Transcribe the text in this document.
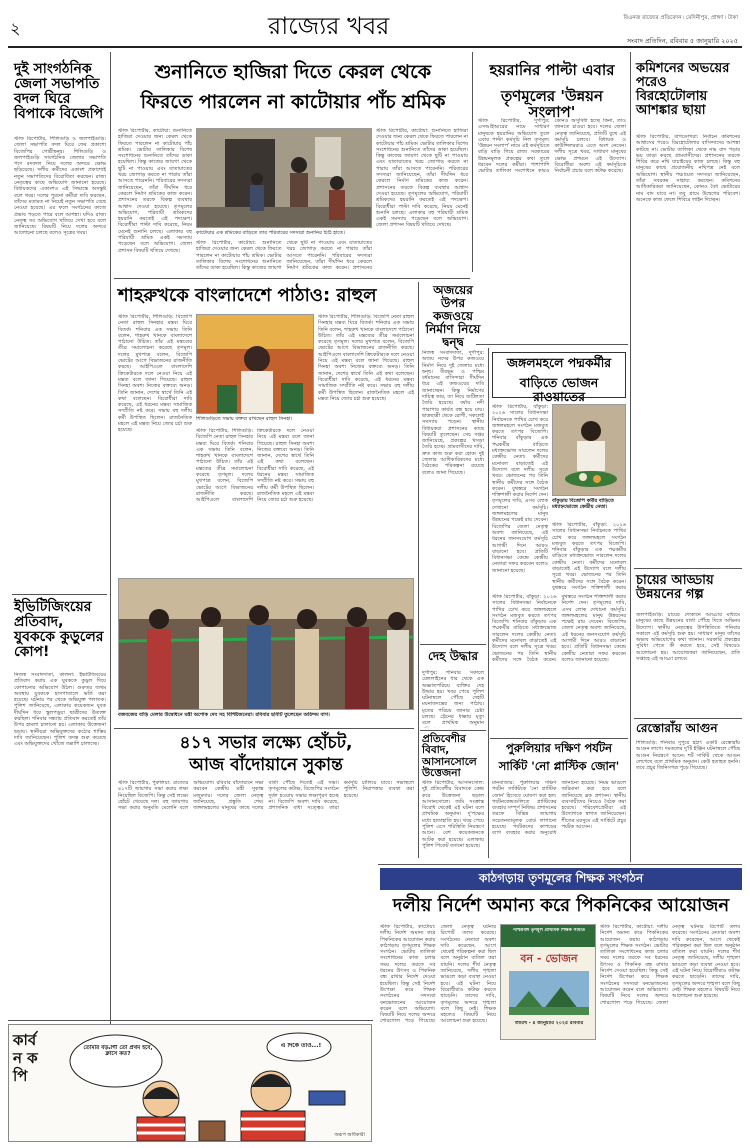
২	রাজ্যের খবর	বিএনজ রাজ্যের প্রতিবেদন ৷ মেদিনীপুর, প্রাঙ্গণ ৷ টাকা
সংবাদ প্রতিদিন, রবিবার ৫ জানুয়ারি ২০২৫
দুই সাংগঠনিক জেলা সভাপতি বদল ঘিরে বিপাকে বিজেপি
স্টাফ রিপোর্টার, শিলিগুড়ি ও জলপাইগুড়ি: জেলা সভাপতি বদল ঘিরে ফের প্রকাশ্যে বিজেপির গোষ্ঠীদ্বন্দ্ব। শিলিগুড়ি ও জলপাইগুড়ি সাংগঠনিক জেলার সভাপতি পদে রদবদল নিয়ে দলের অন্দরে ক্ষোভ ছড়িয়েছে। দলীয় কর্মীদের একাংশ প্রকাশ্যেই নতুন সভাপতিদের বিরোধিতা করছেন। রাজ্য নেতৃত্বের কাছে অভিযোগ জানানো হয়েছে। বিধায়কদের একাংশও এই সিদ্ধান্তে অসন্তুষ্ট বলে খবর। দলের পুরনো কর্মীরা দাবি করছেন, তাঁদের মতামত না নিয়েই নতুন সভাপতি বেছে নেওয়া হয়েছে। এর ফলে সংগঠনের কাজে প্রভাব পড়তে পারে বলে আশঙ্কা। যদিও রাজ্য নেতৃত্ব সব অভিযোগ খতিয়ে দেখা হবে বলে জানিয়েছে। বিষয়টি নিয়ে দলের অন্দরে আলোচনা চলছে বলেও সূত্রের খবর।
ইভিটিজিংয়ের প্রতিবাদ, যুবককে কুড়ুলের কোপ!
নিজস্ব সংবাদদাতা, কালনা: ইভটিজিংয়ের প্রতিবাদ করায় এক যুবককে কুড়ুল দিয়ে কোপানোর অভিযোগ উঠল। গুরুতর জখম অবস্থায় যুবককে হাসপাতালে ভর্তি করা হয়েছে। ঘটনার পর থেকে অভিযুক্ত পলাতক। পুলিশ জানিয়েছে, এলাকার কয়েকজন যুবক দীর্ঘদিন ধরে স্কুলপড়ুয়া ছাত্রীদের উত্যক্ত করছিল। শনিবার সন্ধ্যায় প্রতিবাদ করতেই তাঁর উপর হামলা চালানো হয়। এলাকায় উত্তেজনা ছড়ায়। স্থানীয়রা অভিযুক্তদের কঠোর শাস্তির দাবি জানিয়েছেন। পুলিশ তদন্ত শুরু করেছে এবং অভিযুক্তদের খোঁজে তল্লাশি চালাচ্ছে।
শুনানিতে হাজিরা দিতে কেরল থেকে
ফিরতে পারলেন না কাটোয়ার পাঁচ শ্রমিক
স্টাফ রিপোর্টার, কাটোয়া: শুনানিতে হাজিরা দেওয়ার জন্য কেরল থেকে ফিরতে পারলেন না কাটোয়ার পাঁচ শ্রমিক। ভোটার তালিকার বিশেষ সংশোধনের শুনানিতে তাঁদের ডাকা হয়েছিল। কিন্তু কাজের জায়গা থেকে ছুটি না পাওয়ায় এবং যাতায়াতের খরচ জোগাড় করতে না পারায় তাঁরা আসতে পারেননি। পরিবারের সদস্যরা জানিয়েছেন, তাঁরা দীর্ঘদিন ধরে কেরলে নির্মাণ শ্রমিকের কাজ করেন। প্রশাসনের তরফে বিকল্প ব্যবস্থার আশ্বাস দেওয়া হয়েছে। তৃণমূলের অভিযোগ, পরিযায়ী শ্রমিকদের হয়রানি করতেই এই পদক্ষেপ। বিরোধীরা পাল্টা দাবি করেছে, নিয়ম মেনেই শুনানি চলছে। এলাকার বহু পরিযায়ী শ্রমিক একই সমস্যায় পড়েছেন বলে অভিযোগ। জেলা প্রশাসন বিষয়টি খতিয়ে দেখছে।
স্টাফ রিপোর্টার, কাটোয়া: শুনানিতে হাজিরা দেওয়ার জন্য কেরল থেকে ফিরতে পারলেন না কাটোয়ার পাঁচ শ্রমিক। ভোটার তালিকার বিশেষ সংশোধনের শুনানিতে তাঁদের ডাকা হয়েছিল। কিন্তু কাজের জায়গা থেকে ছুটি না পাওয়ায় এবং যাতায়াতের খরচ জোগাড় করতে না পারায় তাঁরা আসতে পারেননি। পরিবারের সদস্যরা জানিয়েছেন, তাঁরা দীর্ঘদিন ধরে কেরলে নির্মাণ শ্রমিকের কাজ করেন। প্রশাসনের তরফে বিকল্প ব্যবস্থার আশ্বাস দেওয়া হয়েছে। তৃণমূলের অভিযোগ, পরিযায়ী শ্রমিকদের হয়রানি করতেই এই পদক্ষেপ। বিরোধীরা পাল্টা দাবি করেছে, নিয়ম মেনেই শুনানি চলছে। এলাকার বহু পরিযায়ী শ্রমিক একই সমস্যায় পড়েছেন বলে অভিযোগ। জেলা প্রশাসন বিষয়টি খতিয়ে দেখছে।
কাটোয়ার এক শ্রমিকের বাড়িতে তার পরিবারের সদস্যরা শুনানির চিঠি হাতে।
স্টাফ রিপোর্টার, কাটোয়া: শুনানিতে হাজিরা দেওয়ার জন্য কেরল থেকে ফিরতে পারলেন না কাটোয়ার পাঁচ শ্রমিক। ভোটার তালিকার বিশেষ সংশোধনের শুনানিতে তাঁদের ডাকা হয়েছিল। কিন্তু কাজের জায়গা থেকে ছুটি না পাওয়ায় এবং যাতায়াতের খরচ জোগাড় করতে না পারায় তাঁরা আসতে পারেননি। পরিবারের সদস্যরা জানিয়েছেন, তাঁরা দীর্ঘদিন ধরে কেরলে নির্মাণ শ্রমিকের কাজ করেন। প্রশাসনের
হয়রানির পাল্টা এবার
তৃণমূলের 'উন্নয়ন সংলাপ'
স্টাফ রিপোর্টার, দুর্গাপুর: এসআইআরের নামে সাধারণ মানুষকে হয়রানির অভিযোগ তুলে এবার পাল্টা কর্মসূচি নিল তৃণমূল। 'উন্নয়ন সংলাপ' নামে এই কর্মসূচিতে বাড়ি বাড়ি গিয়ে রাজ্য সরকারের উন্নয়নমূলক প্রকল্পের কথা তুলে ধরবেন দলের কর্মীরা। পাশাপাশি ভোটার তালিকা সংশোধনে কারও কোনও অসুবিধা হচ্ছে কিনা, তাও জানতে চাওয়া হবে। দলের জেলা নেতৃত্ব জানিয়েছে, প্রতিটি বুথে এই কর্মসূচি চলবে। বিধায়ক ও কাউন্সিলররাও এতে অংশ নেবেন। দলীয় সূত্রে খবর, সাধারণ মানুষের ক্ষোভ প্রশমনে এই উদ্যোগ। বিরোধীরা অবশ্য এই কর্মসূচিকে নির্বাচনী প্রচার বলে কটাক্ষ করেছে।
কমিশনের অভয়ের পরেও বিরহোটোলায় আশঙ্কার ছায়া
স্টাফ রিপোর্টার, বাগডোগরা: নির্বাচন কমিশনের আশ্বাসের পরেও বিরহোটোলার বাসিন্দাদের আশঙ্কা কাটছে না। ভোটার তালিকা থেকে নাম বাদ পড়ার ভয় তাড়া করছে গ্রামবাসীদের। প্রশাসনের তরফে শিবির করে নথি যাচাইয়ের কাজ চলছে। কিন্তু বহু মানুষের কাছে প্রয়োজনীয় নথিপত্র নেই বলে অভিযোগ। স্থানীয় পঞ্চায়েত সদস্যরা জানিয়েছেন, তাঁরা সবরকম সাহায্য করছেন। কমিশনের আধিকারিকরা জানিয়েছেন, কোনও বৈধ ভোটারের নাম বাদ যাবে না। তবু গ্রামে উদ্বেগের পরিবেশ। অনেকে কাজ ফেলে শিবিরে লাইন দিচ্ছেন।
চায়ের আড্ডায় উন্নয়নের গল্প
জলপাইগুড়ি: চায়ের দোকানে আড্ডার মাধ্যমে মানুষের কাছে উন্নয়নের বার্তা পৌঁছে দিতে অভিনব উদ্যোগ। স্থানীয় নেতৃত্বের উপস্থিতিতে শনিবার সকালে এই কর্মসূচি শুরু হয়। সাধারণ মানুষ তাঁদের অভাব অভিযোগের কথা জানান। সরকারি প্রকল্পের সুবিধা পেতে কী করতে হবে, সেই বিষয়েও আলোচনা হয়। আয়োজকরা জানিয়েছেন, প্রতি সপ্তাহে এই আড্ডা চলবে।
রেস্তোরাঁয় আগুন
শিলিগুড়ি: শনিবার দুপুরে হঠাৎ একটি রেস্তোরাঁয় আগুন লাগে। দমকলের দু'টি ইঞ্জিন ঘটনাস্থলে পৌঁছে আগুন নিয়ন্ত্রণে আনে। শর্ট সার্কিট থেকে আগুন লেগেছে বলে প্রাথমিক অনুমান। কেউ হতাহত হননি। তবে প্রচুর জিনিসপত্র পুড়ে গিয়েছে।
শাহরুখকে বাংলাদেশে পাঠাও: রাহুল
স্টাফ রিপোর্টার, শিলিগুড়ি: বিজেপি নেতা রাহুল সিনহার মন্তব্য ঘিরে বিতর্ক। শনিবার এক সভায় তিনি বলেন, শাহরুখ খানকে বাংলাদেশে পাঠানো উচিত। তাঁর এই মন্তব্যের তীব্র সমালোচনা করেছে তৃণমূল। দলের মুখপাত্র বলেন, বিজেপি ভোটের আগে বিভাজনের রাজনীতি করছে। আইপিএলে বাংলাদেশি ক্রিকেটারকে দলে নেওয়া নিয়ে এই মন্তব্য বলে জানা গিয়েছে। রাহুল সিনহা অবশ্য নিজের বক্তব্যে অনড়। তিনি জানান, দেশের স্বার্থে তিনি এই কথা বলেছেন। বিরোধীরা দাবি করেছে, এই ধরনের মন্তব্য সামাজিক সম্প্রীতি নষ্ট করে। সভায় বহু দলীয় কর্মী উপস্থিত ছিলেন। রাজনৈতিক মহলে এই মন্তব্য নিয়ে জোর চর্চা শুরু হয়েছে।
শিলিগুড়িতে সভায় বক্তব্য রাখছেন রাহুল সিনহা।
স্টাফ রিপোর্টার, শিলিগুড়ি: বিজেপি নেতা রাহুল সিনহার মন্তব্য ঘিরে বিতর্ক। শনিবার এক সভায় তিনি বলেন, শাহরুখ খানকে বাংলাদেশে পাঠানো উচিত। তাঁর এই মন্তব্যের তীব্র সমালোচনা করেছে তৃণমূল। দলের মুখপাত্র বলেন, বিজেপি ভোটের আগে বিভাজনের রাজনীতি করছে। আইপিএলে বাংলাদেশি ক্রিকেটারকে দলে নেওয়া নিয়ে এই মন্তব্য বলে জানা গিয়েছে। রাহুল সিনহা অবশ্য নিজের বক্তব্যে অনড়। তিনি জানান, দেশের স্বার্থে তিনি এই কথা বলেছেন। বিরোধীরা দাবি করেছে, এই ধরনের মন্তব্য সামাজিক সম্প্রীতি নষ্ট করে। সভায় বহু দলীয় কর্মী উপস্থিত ছিলেন। রাজনৈতিক মহলে এই মন্তব্য নিয়ে জোর চর্চা শুরু হয়েছে।
স্টাফ রিপোর্টার, শিলিগুড়ি: বিজেপি নেতা রাহুল সিনহার মন্তব্য ঘিরে বিতর্ক। শনিবার এক সভায় তিনি বলেন, শাহরুখ খানকে বাংলাদেশে পাঠানো উচিত। তাঁর এই মন্তব্যের তীব্র সমালোচনা করেছে তৃণমূল। দলের মুখপাত্র বলেন, বিজেপি ভোটের আগে বিভাজনের রাজনীতি করছে। আইপিএলে বাংলাদেশি ক্রিকেটারকে দলে নেওয়া নিয়ে এই মন্তব্য বলে জানা গিয়েছে। রাহুল সিনহা অবশ্য নিজের বক্তব্যে অনড়। তিনি জানান, দেশের স্বার্থে তিনি এই কথা বলেছেন। বিরোধীরা দাবি করেছে, এই ধরনের মন্তব্য সামাজিক সম্প্রীতি নষ্ট করে। সভায় বহু দলীয় কর্মী উপস্থিত ছিলেন। রাজনৈতিক মহলে এই মন্তব্য নিয়ে জোর চর্চা শুরু হয়েছে।
বজবজের বাড়ি মেলার উদ্বোধনে মন্ত্রী অশোক দেব সহ বিশিষ্টজনেরা। রবিবার ছবিটি তুলেছেন অরিন্দম বাগ।
অজয়ের উপর কজওয়ে নির্মাণ নিয়ে দ্বন্দ্ব
নিজস্ব সংবাদদাতা, দুর্গাপুর: অজয় নদের উপর কজওয়ে নির্মাণ নিয়ে দুই জেলার মধ্যে দ্বন্দ্ব। বীরভূম ও পশ্চিম বর্ধমানের বাসিন্দারা দীর্ঘদিন ধরে এই কজওয়ের দাবি জানাচ্ছেন। কিন্তু নির্মাণের দায়িত্ব কার, তা নিয়ে জটিলতা তৈরি হয়েছে। বর্ষায় নদী পারাপার কার্যত বন্ধ হয়ে যায়। ছাত্রছাত্রী থেকে রোগী, সকলেই সমস্যায় পড়েন। স্থানীয় বিধায়করা প্রশাসনের কাছে বিষয়টি তুলেছেন। সেচ দপ্তর জানিয়েছে, প্রকল্পের খসড়া তৈরি হচ্ছে। গ্রামবাসীদের দাবি, দ্রুত কাজ শুরু করা হোক। দুই জেলার আধিকারিকদের মধ্যে বৈঠকের পরিকল্পনা রয়েছে বলেও জানা গিয়েছে।
দেহ উদ্ধার
দুর্গাপুর: শনিবার সকালে রেললাইনের ধার থেকে এক অজ্ঞাতপরিচয় ব্যক্তির দেহ উদ্ধার হয়। খবর পেয়ে পুলিশ ঘটনাস্থলে পৌঁছে দেহটি ময়নাতদন্তের জন্য পাঠায়। মৃতের পরিচয় জানার চেষ্টা চলছে। ট্রেনের ধাক্কায় মৃত্যু বলে প্রাথমিক অনুমান
৪১৭ সভার লক্ষ্যে হোঁচট,
আজ বাঁদোয়ানে সুকান্ত
স্টাফ রিপোর্টার, পুরুলিয়া: রাজ্যের ৪১৭টি জায়গায় সভা করার লক্ষ্য নিয়েছিল বিজেপি। কিন্তু সেই লক্ষ্যে হোঁচট খেয়েছে দল। বহু জায়গায় সভা করার অনুমতি মেলেনি বলে অভিযোগ। রবিবার বাঁদোয়ানে সভা করবেন কেন্দ্রীয় মন্ত্রী সুকান্ত মজুমদার। দলের জেলা নেতৃত্ব জানিয়েছে, প্রস্তুতি শেষ। জঙ্গলমহলের মানুষের কাছে দলের বার্তা পৌঁছে দিতেই এই সভা। তৃণমূলের কটাক্ষ, বিজেপির সংগঠন দুর্বল হওয়ায় সভার লক্ষ্যপূরণ হচ্ছে না। বিজেপি অবশ্য দাবি করেছে, প্রশাসনিক বাধা সত্ত্বেও তারা কর্মসূচি চালিয়ে যাবে। সভাস্থলে পুলিশি নিরাপত্তার ব্যবস্থা করা হয়েছে।
প্রতিবেশীর বিবাদ, আসানসোলে উত্তেজনা
স্টাফ রিপোর্টার, আসানসোল: দুই প্রতিবেশীর বিবাদকে কেন্দ্র করে উত্তেজনা ছড়াল আসানসোলে। জমি সংক্রান্ত বিরোধ থেকেই এই ঘটনা বলে প্রাথমিক অনুমান। দু'পক্ষের মধ্যে হাতাহাতি হয়। খবর পেয়ে পুলিশ এসে পরিস্থিতি নিয়ন্ত্রণে আনে। বেশ কয়েকজনকে আটক করা হয়েছে। এলাকায় পুলিশ পিকেট বসানো হয়েছে।
জঙ্গলমহলে পদ্মকর্মীর
বাড়িতে ভোজন রাওয়াতের
স্টাফ রিপোর্টার, বাঁকুড়া: ২০২৬ সালের বিধানসভা নির্বাচনকে পাখির চোখ করে জঙ্গলমহলে সংগঠন মজবুত করতে তৎপর বিজেপি। শনিবার বাঁকুড়ার এক পদ্মকর্মীর বাড়িতে মধ্যাহ্নভোজ সারলেন দলের কেন্দ্রীয় নেতা। কর্মীদের মনোবল বাড়াতেই এই উদ্যোগ বলে দলীয় সূত্রে খবর। ভোজনের পর তিনি স্থানীয় কর্মীদের সঙ্গে বৈঠক করেন। বুথস্তরে সংগঠন শক্তিশালী করার নির্দেশ দেন। তৃণমূলের দাবি, এসব লোক দেখানো কর্মসূচি। জঙ্গলমহলের মানুষ উন্নয়নের পক্ষেই রায় দেবেন। বিজেপির জেলা নেতৃত্ব অবশ্য জানিয়েছে, এই ধরনের জনসংযোগ কর্মসূচি আগামী দিনে আরও বাড়ানো হবে। প্রতিটি বিধানসভা কেন্দ্রে কেন্দ্রীয় নেতারা সফর করবেন বলেও জানানো হয়েছে।
বাঁকুড়ায় বিজেপি কর্মীর বাড়িতে মধ্যাহ্নভোজে কেন্দ্রীয় নেতা।
স্টাফ রিপোর্টার, বাঁকুড়া: ২০২৬ সালের বিধানসভা নির্বাচনকে পাখির চোখ করে জঙ্গলমহলে সংগঠন মজবুত করতে তৎপর বিজেপি। শনিবার বাঁকুড়ার এক পদ্মকর্মীর বাড়িতে মধ্যাহ্নভোজ সারলেন দলের কেন্দ্রীয় নেতা। কর্মীদের মনোবল বাড়াতেই এই উদ্যোগ বলে দলীয় সূত্রে খবর। ভোজনের পর তিনি স্থানীয় কর্মীদের সঙ্গে বৈঠক করেন। বুথস্তরে সংগঠন শক্তিশালী করার
স্টাফ রিপোর্টার, বাঁকুড়া: ২০২৬ সালের বিধানসভা নির্বাচনকে পাখির চোখ করে জঙ্গলমহলে সংগঠন মজবুত করতে তৎপর বিজেপি। শনিবার বাঁকুড়ার এক পদ্মকর্মীর বাড়িতে মধ্যাহ্নভোজ সারলেন দলের কেন্দ্রীয় নেতা। কর্মীদের মনোবল বাড়াতেই এই উদ্যোগ বলে দলীয় সূত্রে খবর। ভোজনের পর তিনি স্থানীয় কর্মীদের সঙ্গে বৈঠক করেন। বুথস্তরে সংগঠন শক্তিশালী করার নির্দেশ দেন। তৃণমূলের দাবি, এসব লোক দেখানো কর্মসূচি। জঙ্গলমহলের মানুষ উন্নয়নের পক্ষেই রায় দেবেন। বিজেপির জেলা নেতৃত্ব অবশ্য জানিয়েছে, এই ধরনের জনসংযোগ কর্মসূচি আগামী দিনে আরও বাড়ানো হবে। প্রতিটি বিধানসভা কেন্দ্রে কেন্দ্রীয় নেতারা সফর করবেন বলেও জানানো হয়েছে।
পুরুলিয়ার দক্ষিণ পর্যটন
সার্কিট 'নো প্লাস্টিক জোন'
মানবাজার: পুরুলিয়ার দক্ষিণ পর্যটন সার্কিটকে 'নো প্লাস্টিক জোন' হিসেবে ঘোষণা করা হল। পর্যটনকেন্দ্রগুলিতে প্লাস্টিকের ব্যবহার সম্পূর্ণ নিষিদ্ধ। প্রশাসনের তরফে বিভিন্ন জায়গায় সচেতনতামূলক বোর্ড লাগানো হয়েছে। পর্যটকদের কাপড়ের ব্যাগ ব্যবহার করার অনুরোধ জানানো হয়েছে। নিয়ম ভাঙলে জরিমানা করা হবে বলে জানিয়েছে ব্লক প্রশাসন। স্থানীয় ব্যবসায়ীদের নিয়েও বৈঠক করা হয়েছে। পরিবেশপ্রেমীরা এই উদ্যোগকে স্বাগত জানিয়েছেন। শীতের মরসুমে এই সার্কিটে প্রচুর পর্যটক আসেন।
কাঠগড়ায় তৃণমূলের শিক্ষক সংগঠন
দলীয় নির্দেশ অমান্য করে পিকনিকের আয়োজন
স্টাফ রিপোর্টার, কাটোয়া: দলীয় নির্দেশ অমান্য করে পিকনিকের আয়োজন করায় কাঠগড়ায় তৃণমূলের শিক্ষক সংগঠন। ভোটার তালিকা সংশোধনের কাজ চলার সময় দলের তরফে সব ধরনের উৎসব ও পিকনিক বন্ধ রাখার নির্দেশ দেওয়া হয়েছিল। কিন্তু সেই নির্দেশ উপেক্ষা করে শিক্ষক সংগঠনের সদস্যরা বনভোজনের আয়োজন করেন বলে অভিযোগ। বিষয়টি নিয়ে দলের অন্দরে শোরগোল পড়ে গিয়েছে। জেলা নেতৃত্ব ঘটনার রিপোর্ট তলব করেছে। সংগঠনের নেতারা অবশ্য দাবি করেছেন, আগে থেকেই পরিকল্পনা করা ছিল বলে অনুষ্ঠান বাতিল করা যায়নি। দলের শীর্ষ নেতৃত্ব জানিয়েছে, দলীয় শৃঙ্খলা ভাঙলে কড়া ব্যবস্থা নেওয়া হবে। এই ঘটনা নিয়ে বিরোধীরাও কটাক্ষ করতে ছাড়েনি। তাদের দাবি, তৃণমূলের অন্দরে শৃঙ্খলা বলে কিছু নেই। শিক্ষক মহলেও বিষয়টি নিয়ে আলোচনা শুরু হয়েছে।
পশ্চিমবঙ্গ তৃণমূল প্রাথমিক শিক্ষক সমিতি
বন - ভোজন
তারিখ - ৪ জানুয়ারি ২০২৫ রবিবার
স্টাফ রিপোর্টার, কাটোয়া: দলীয় নির্দেশ অমান্য করে পিকনিকের আয়োজন করায় কাঠগড়ায় তৃণমূলের শিক্ষক সংগঠন। ভোটার তালিকা সংশোধনের কাজ চলার সময় দলের তরফে সব ধরনের উৎসব ও পিকনিক বন্ধ রাখার নির্দেশ দেওয়া হয়েছিল। কিন্তু সেই নির্দেশ উপেক্ষা করে শিক্ষক সংগঠনের সদস্যরা বনভোজনের আয়োজন করেন বলে অভিযোগ। বিষয়টি নিয়ে দলের অন্দরে শোরগোল পড়ে গিয়েছে। জেলা নেতৃত্ব ঘটনার রিপোর্ট তলব করেছে। সংগঠনের নেতারা অবশ্য দাবি করেছেন, আগে থেকেই পরিকল্পনা করা ছিল বলে অনুষ্ঠান বাতিল করা যায়নি। দলের শীর্ষ নেতৃত্ব জানিয়েছে, দলীয় শৃঙ্খলা ভাঙলে কড়া ব্যবস্থা নেওয়া হবে। এই ঘটনা নিয়ে বিরোধীরাও কটাক্ষ করতে ছাড়েনি। তাদের দাবি, তৃণমূলের অন্দরে শৃঙ্খলা বলে কিছু নেই। শিক্ষক মহলেও বিষয়টি নিয়ে আলোচনা শুরু হয়েছে।
কাৰ্বন কপি
তোমার বড়্বাগী তো প্রথম হবে, ক্লাসে কত?
এ দিকে তাও...!
অরূপ অধিকারী
